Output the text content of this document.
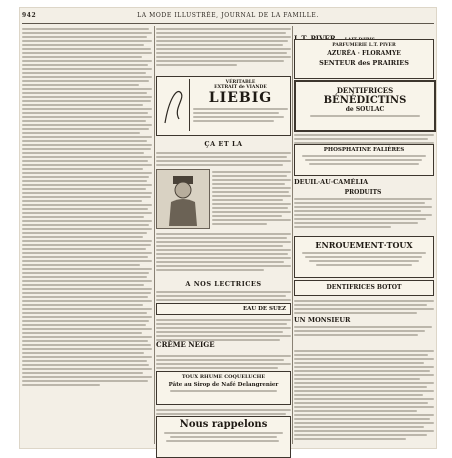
942	LA MODE ILLUSTRÉE, JOURNAL DE LA FAMILLE.
VÉRITABLE
EXTRAIT de VIANDE
LIEBIG
ÇA ET LA
A NOS LECTRICES
EAU DE SUEZ
CRÈME NEIGE
TOUX RHUME COQUELUCHE
Pâte au Sirop de Nafé Delangrenier
Nous rappelons
PARFUMERIE L.T. PIVER
AZURÉA · FLORAMYE
SENTEUR des PRAIRIES
DENTIFRICES
BÉNÉDICTINS
de SOULAC
PHOSPHATINE FALIÈRES
DEUIL·AU·CAMÉLIA
PRODUITS
ENROUEMENT·TOUX
DENTIFRICES BOTOT
UN MONSIEUR
